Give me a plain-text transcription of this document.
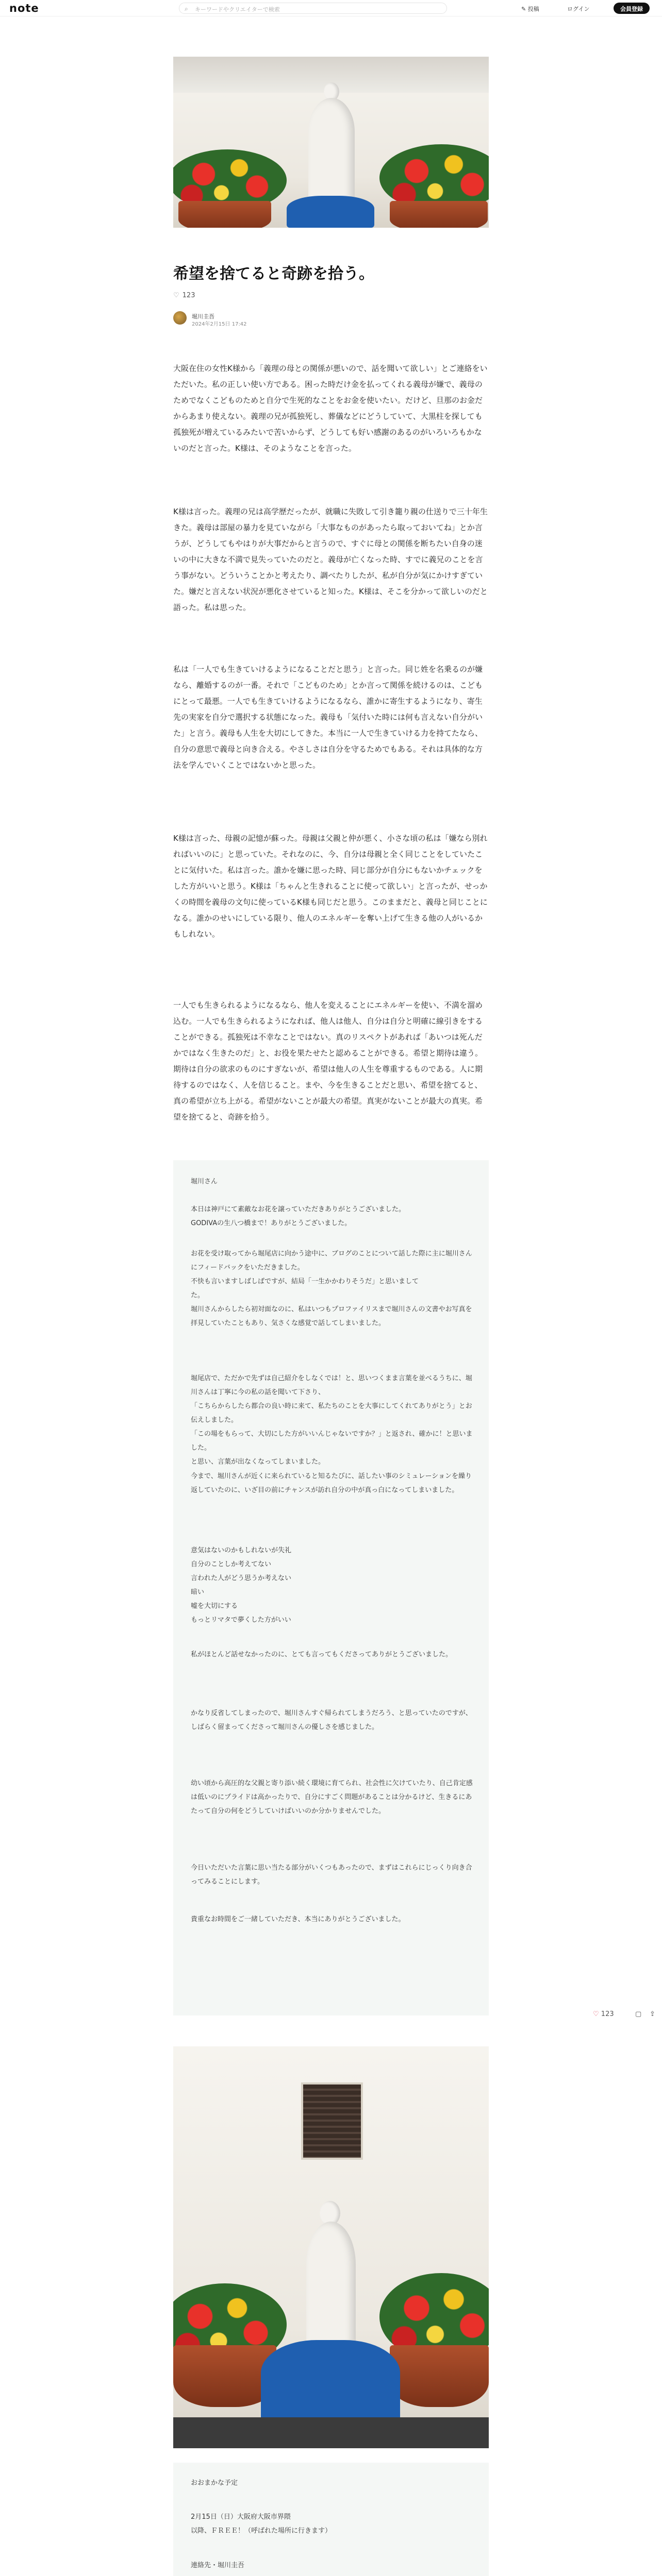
note	⌕ キーワードやクリエイターで検索	✎ 投稿	ログイン	会員登録
希望を捨てると奇跡を拾う。
♡ 123
堀川圭吾
2024年2月15日 17:42
大阪在住の女性K様から「義理の母との関係が悪いので、話を聞いて欲しい」とご連絡をいただいた。私の正しい使い方である。困った時だけ金を払ってくれる義母が嫌で、義母のためでなくこどものためと自分で生死的なことをお金を使いたい。だけど、旦那のお金だからあまり使えない。義理の兄が孤独死し、葬儀などにどうしていて、大黒柱を探しても孤独死が増えているみたいで苦いからず、どうしても好い感謝のあるのがいろいろもかないのだと言った。K様は、そのようなことを言った。
K様は言った。義理の兄は高学歴だったが、就職に失敗して引き籠り親の仕送りで三十年生きた。義母は部屋の暴力を見ていながら「大事なものがあったら取っておいてね」とか言うが、どうしてもやはりが大事だからと言うので、すぐに母との関係を断ちたい自身の迷いの中に大きな不満で見失っていたのだと。義母が亡くなった時、すでに義兄のことを言う事がない。どういうことかと考えたり、調べたりしたが、私が自分が気にかけすぎていた。嫌だと言えない状況が悪化させていると知った。K様は、そこを分かって欲しいのだと語った。私は思った。
私は「一人でも生きていけるようになることだと思う」と言った。同じ姓を名乗るのが嫌なら、離婚するのが一番。それで「こどものため」とか言って関係を続けるのは、こどもにとって最悪。一人でも生きていけるようになるなら、誰かに寄生するようになり、寄生先の実家を自分で選択する状態になった。義母も「気付いた時には何も言えない自分がいた」と言う。義母も人生を大切にしてきた。本当に一人で生きていける力を持てたなら、自分の意思で義母と向き合える。やさしさは自分を守るためでもある。それは具体的な方法を学んでいくことではないかと思った。
K様は言った、母親の記憶が蘇った。母親は父親と仲が悪く、小さな頃の私は「嫌なら別れればいいのに」と思っていた。それなのに、今、自分は母親と全く同じことをしていたことに気付いた。私は言った。誰かを嫌に思った時、同じ部分が自分にもないかチェックをした方がいいと思う。K様は「ちゃんと生きれることに使って欲しい」と言ったが、せっかくの時間を義母の文句に使っているK様も同じだと思う。このままだと、義母と同じことになる。誰かのせいにしている限り、他人のエネルギーを奪い上げて生きる他の人がいるかもしれない。
一人でも生きられるようになるなら、他人を変えることにエネルギーを使い、不満を溜め込む。一人でも生きられるようになれば、他人は他人、自分は自分と明確に線引きをすることができる。孤独死は不幸なことではない。真のリスペクトがあれば「あいつは死んだかではなく生きたのだ」と、お役を果たせたと認めることができる。希望と期待は違う。期待は自分の欲求のものにすぎないが、希望は他人の人生を尊重するものである。人に期待するのではなく、人を信じること。まや、今を生きることだと思い、希望を捨てると、真の希望が立ち上がる。希望がないことが最大の希望。真実がないことが最大の真実。希望を捨てると、奇跡を拾う。
堀川さん

本日は神戸にて素敵なお花を譲っていただきありがとうございました。
GODIVAの生八つ橋まで！ありがとうございました。
お花を受け取ってから堀尾店に向かう途中に、ブログのことについて話した際に主に堀川さんにフィードバックをいただきました。
不快も言いますしばしばですが、結局「一生かかわりそうだ」と思いまして
た。
堀川さんからしたら初対面なのに、私はいつもプロファイリスまで堀川さんの文書やお写真を拝見していたこともあり、気さくな感覚で話してしまいました。
堀尾店で、ただかで先ずは自己紹介をしなくでは！と、思いつくまま言葉を並べるうちに、堀川さんは丁寧に今の私の話を聞いて下さり、
「こちらからしたら都合の良い時に来て、私たちのことを大事にしてくれてありがとう」とお伝えしました。
「この場をもらって、大切にした方がいいんじゃないですか？」と返され、確かに！と思いました。
と思い、言葉が出なくなってしまいました。
今まで、堀川さんが近くに来られていると知るたびに、話したい事のシミュレーションを繰り返していたのに、いざ目の前にチャンスが訪れ自分の中が真っ白になってしまいました。
意気はないのかもしれないが失礼
自分のことしか考えてない
言われた人がどう思うか考えない
暗い
嘘を大切にする
もっとリマタで夢くした方がいい
私がほとんど話せなかったのに、とても言ってもくださってありがとうございました。
かなり反省してしまったので、堀川さんすぐ帰られてしまうだろう、と思っていたのですが、しばらく留まってくださって堀川さんの優しさを感じました。
幼い頃から高圧的な父親と寄り添い続く環境に育てられ、社会性に欠けていたり、自己肯定感は低いのにプライドは高かったりで、自分にすごく問題があることは分かるけど、生きるにあたって自分の何をどうしていけばいいのか分かりませんでした。
今日いただいた言葉に思い当たる部分がいくつもあったので、まずはこれらにじっくり向き合ってみることにします。
貴重なお時間をご一緒していただき、本当にありがとうございました。
♡ 123	▢ ⇪
おおまかな予定
2月15日（日）大阪府大阪市界隈
以降、ＦＲＥＥ！（呼ばれた場所に行きます）
連絡先・堀川圭吾
